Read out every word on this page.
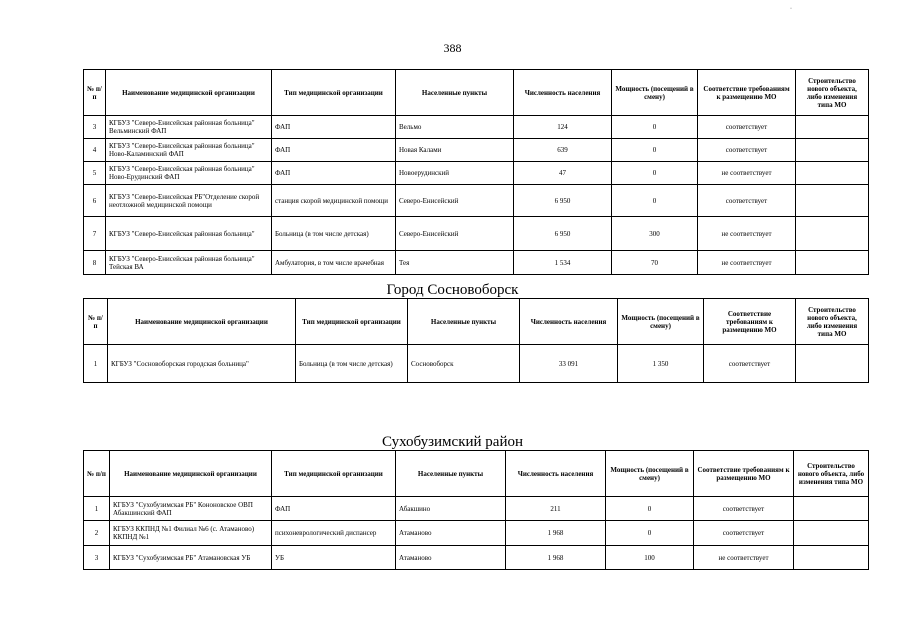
·
388
№ п/п	Наименование медицинской организации	Тип медицинской организации	Населенные пункты	Численность населения	Мощность (посещений в смену)	Соответствие требованиям к размещению МО	Строительство нового объекта, либо изменения типа МО
3	КГБУЗ "Северо-Енисейская районная больница" Вельминский ФАП	ФАП	Вельмо	124	0	соответствует	
4	КГБУЗ "Северо-Енисейская районная больница" Ново-Каламинский ФАП	ФАП	Новая Калами	639	0	соответствует	
5	КГБУЗ "Северо-Енисейская районная больница" Ново-Ерудинский ФАП	ФАП	Новоерудинский	47	0	не соответствует	
6	КГБУЗ "Северо-Енисейская РБ"Отделение скорой неотложной медицинской помощи	станция скорой медицинской помощи	Северо-Енисейский	6 950	0	соответствует	
7	КГБУЗ "Северо-Енисейская районная больница"	Больница (в том числе детская)	Северо-Енисейский	6 950	300	не соответствует	
8	КГБУЗ "Северо-Енисейская районная больница" Тейская ВА	Амбулатория, в том числе врачебная	Тея	1 534	70	не соответствует	
Город Сосновоборск
№ п/п	Наименование медицинской организации	Тип медицинской организации	Населенные пункты	Численность населения	Мощность (посещений в смену)	Соответствие требованиям к размещению МО	Строительство нового объекта, либо изменения типа МО
1	КГБУЗ "Сосновоборская городская больница"	Больница (в том числе детская)	Сосновоборск	33 091	1 350	соответствует	
Сухобузимский район
№ п/п	Наименование медицинской организации	Тип медицинской организации	Населенные пункты	Численность населения	Мощность (посещений в смену)	Соответствие требованиям к размещению МО	Строительство нового объекта, либо изменения типа МО
1	КГБУЗ "Сухобузимская РБ" Кононовское ОВП Абакшинский ФАП	ФАП	Абакшино	211	0	соответствует	
2	КГБУЗ ККПНД №1 Филиал №6 (с. Атаманово) ККПНД №1	психоневрологический диспансер	Атаманово	1 968	0	соответствует	
3	КГБУЗ "Сухобузимская РБ" Атамановская УБ	УБ	Атаманово	1 968	100	не соответствует	
